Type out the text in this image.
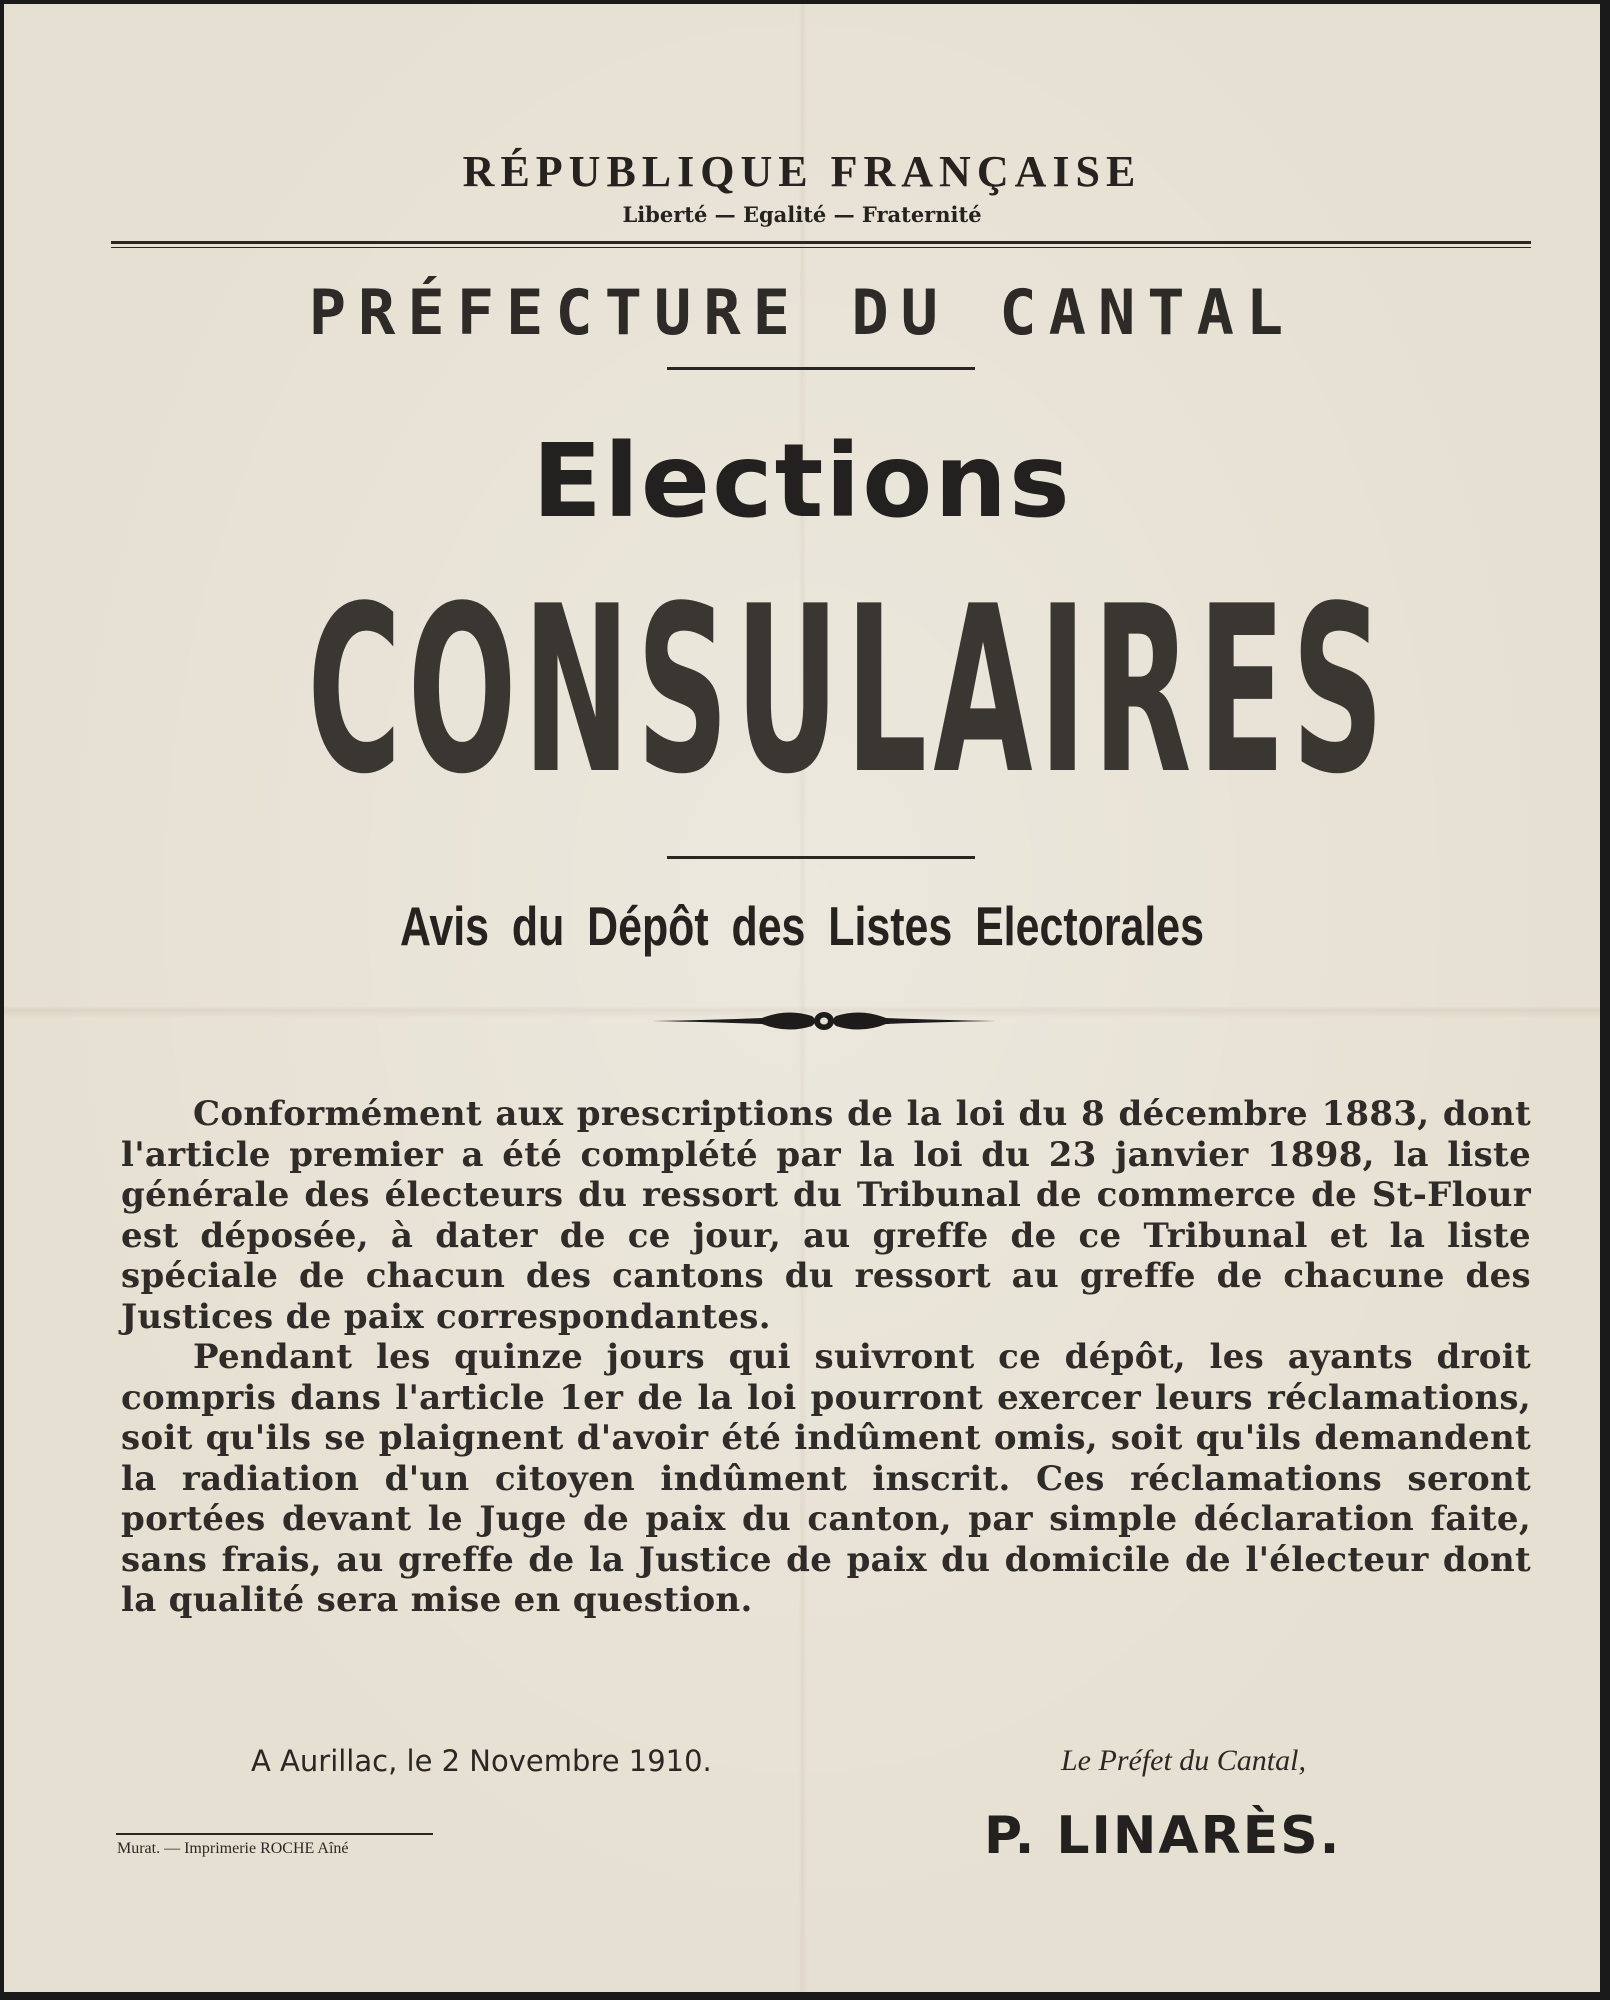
RÉPUBLIQUE FRANÇAISE
Liberté — Egalité — Fraternité
PRÉFECTURE DU CANTAL
Elections
CONSULAIRES
Avis du Dépôt des Listes Electorales

Conformément aux prescriptions de la loi du 8 décembre 1883, dont l'article premier a été complété par la loi du 23 janvier 1898, la liste générale des électeurs du ressort du Tribunal de commerce de St-Flour est déposée, à dater de ce jour, au greffe de ce Tribunal et la liste spéciale de chacun des cantons du ressort au greffe de chacune des Justices de paix correspondantes.

Pendant les quinze jours qui suivront ce dépôt, les ayants droit compris dans l'article 1er de la loi pourront exercer leurs réclamations, soit qu'ils se plaignent d'avoir été indûment omis, soit qu'ils demandent la radiation d'un citoyen indûment inscrit. Ces réclamations seront portées devant le Juge de paix du canton, par simple déclaration faite, sans frais, au greffe de la Justice de paix du domicile de l'électeur dont la qualité sera mise en question.

A Aurillac, le 2 Novembre 1910.	Le Préfet du Cantal,
P. LINARÈS.
Murat. — Imprimerie ROCHE Aîné
